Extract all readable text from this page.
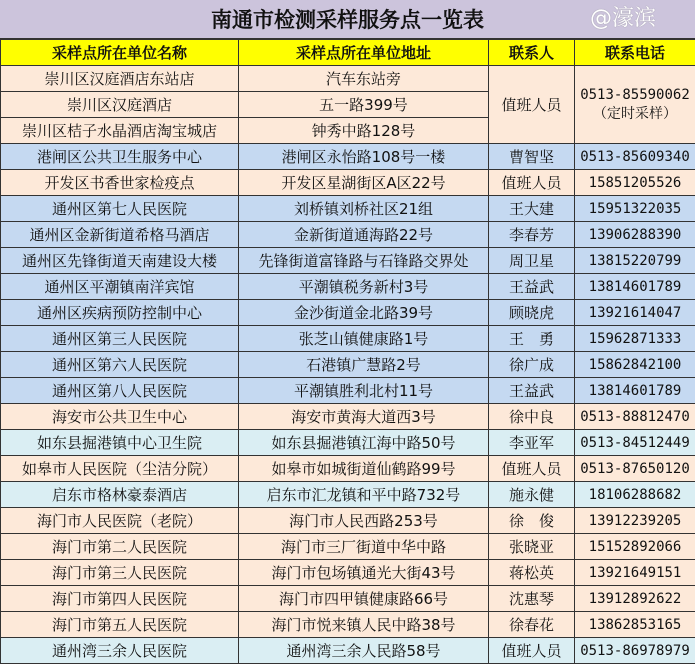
南通市检测采样服务点一览表
采样点所在单位名称	采样点所在单位地址	联系人	联系电话
崇川区汉庭酒店东站店	汽车东站旁	值班人员	0513-85590062
（定时采样）

崇川区汉庭酒店	五一路399号		
崇川区桔子水晶酒店淘宝城店	钟秀中路128号		
港闸区公共卫生服务中心	港闸区永怡路108号一楼	曹智坚	0513-85609340
开发区书香世家检疫点	开发区星湖街区A区22号	值班人员	15851205526
通州区第七人民医院	刘桥镇刘桥社区21组	王大建	15951322035
通州区金新街道希格马酒店	金新街道通海路22号	李春芳	13906288390
通州区先锋街道天南建设大楼	先锋街道富锋路与石锋路交界处	周卫星	13815220799
通州区平潮镇南洋宾馆	平潮镇税务新村3号	王益武	13814601789
通州区疾病预防控制中心	金沙街道金北路39号	顾晓虎	13921614047
通州区第三人民医院	张芝山镇健康路1号	王　勇	15962871333
通州区第六人民医院	石港镇广慧路2号	徐广成	15862842100
通州区第八人民医院	平潮镇胜利北村11号	王益武	13814601789
海安市公共卫生中心	海安市黄海大道西3号	徐中良	0513-88812470
如东县掘港镇中心卫生院	如东县掘港镇江海中路50号	李亚军	0513-84512449
如皋市人民医院（尘洁分院）	如皋市如城街道仙鹤路99号	值班人员	0513-87650120
启东市格林豪泰酒店	启东市汇龙镇和平中路732号	施永健	18106288682
海门市人民医院（老院）	海门市人民西路253号	徐　俊	13912239205
海门市第二人民医院	海门市三厂街道中华中路	张晓亚	15152892066
海门市第三人民医院	海门市包场镇通光大街43号	蒋松英	13921649151
海门市第四人民医院	海门市四甲镇健康路66号	沈惠琴	13912892622
海门市第五人民医院	海门市悦来镇人民中路38号	徐春花	13862853165
通州湾三余人民医院	通州湾三余人民路58号	值班人员	0513-86978979
@濠滨
